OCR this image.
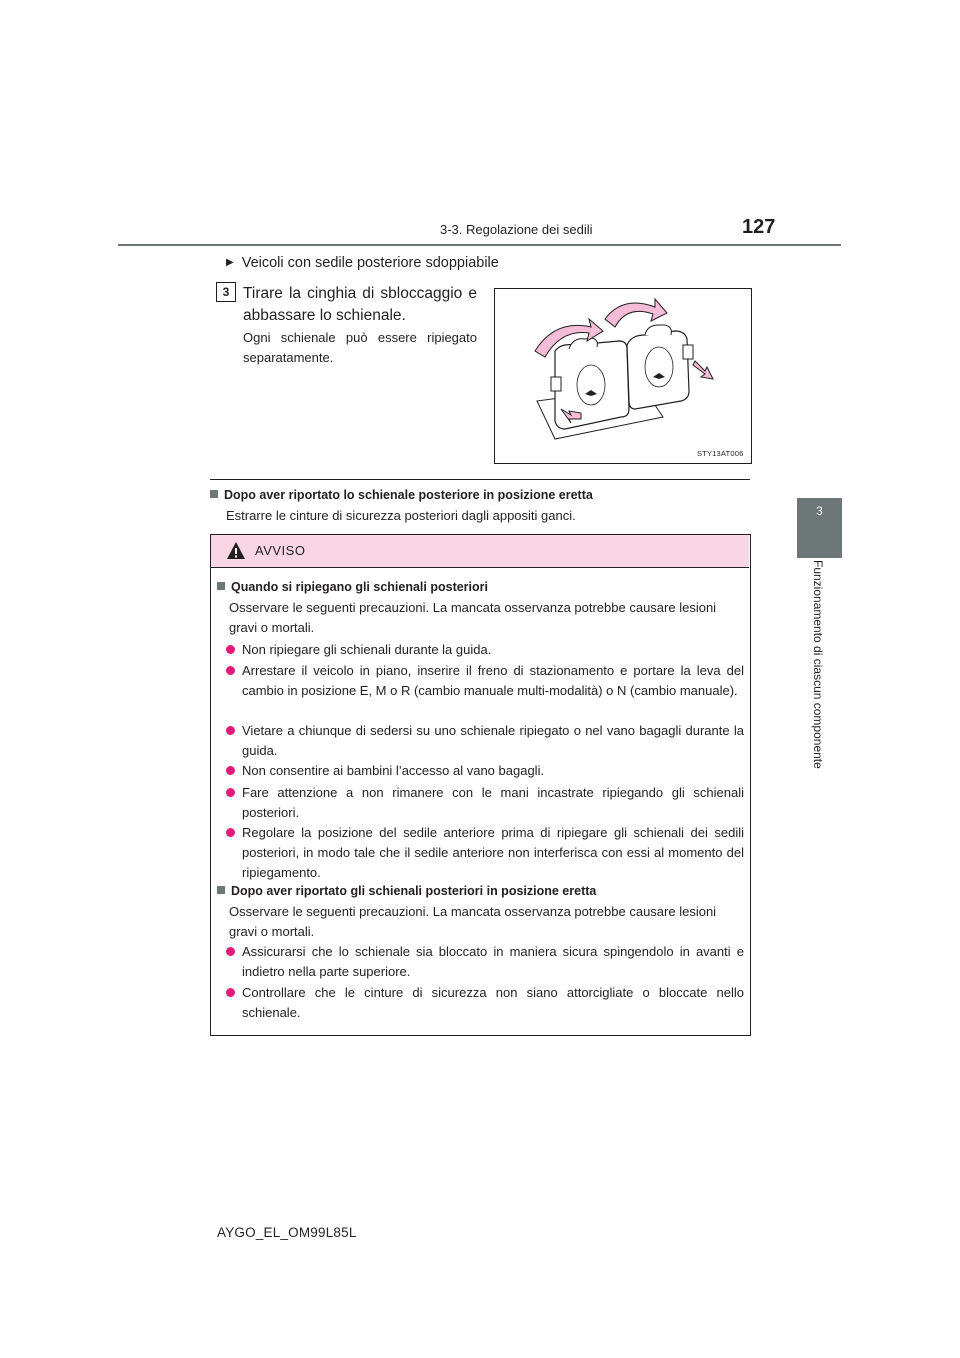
3-3. Regolazione dei sedili	127
3
Funzionamento di ciascun componente
▶ Veicoli con sedile posteriore sdoppiabile
3 Tirare la cinghia di sbloccaggio e abbassare lo schienale.
Ogni schienale può essere ripiegato separatamente.
STY13AT006
Dopo aver riportato lo schienale posteriore in posizione eretta
Estrarre le cinture di sicurezza posteriori dagli appositi ganci.
AVVISO
Quando si ripiegano gli schienali posteriori
Osservare le seguenti precauzioni. La mancata osservanza potrebbe causare lesioni gravi o mortali.
Non ripiegare gli schienali durante la guida.
Arrestare il veicolo in piano, inserire il freno di stazionamento e portare la leva del cambio in posizione E, M o R (cambio manuale multi-modalità) o N (cambio manuale).
Vietare a chiunque di sedersi su uno schienale ripiegato o nel vano bagagli durante la guida.
Non consentire ai bambini l’accesso al vano bagagli.
Fare attenzione a non rimanere con le mani incastrate ripiegando gli schienali posteriori.
Regolare la posizione del sedile anteriore prima di ripiegare gli schienali dei sedili posteriori, in modo tale che il sedile anteriore non interferisca con essi al momento del ripiegamento.
Dopo aver riportato gli schienali posteriori in posizione eretta
Osservare le seguenti precauzioni. La mancata osservanza potrebbe causare lesioni gravi o mortali.
Assicurarsi che lo schienale sia bloccato in maniera sicura spingendolo in avanti e indietro nella parte superiore.
Controllare che le cinture di sicurezza non siano attorcigliate o bloccate nello schienale.
AYGO_EL_OM99L85L
